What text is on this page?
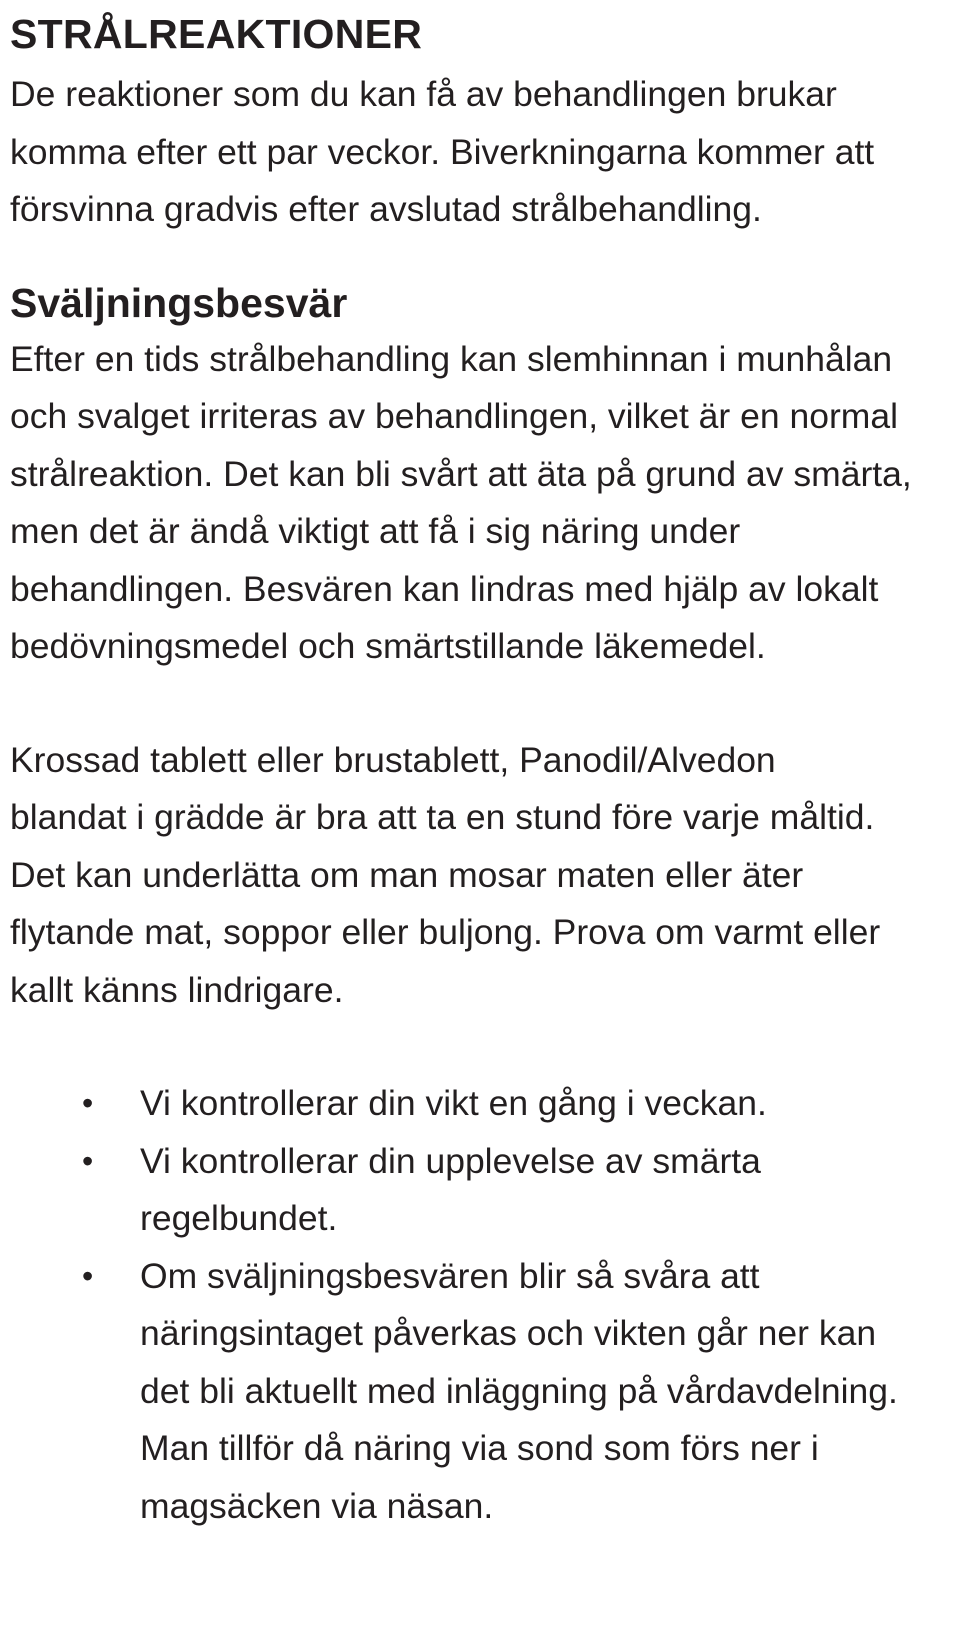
STRÅLREAKTIONER

De reaktioner som du kan få av behandlingen brukar komma efter ett par veckor. Biverkningarna kommer att försvinna gradvis efter avslutad strålbehandling.

Sväljningsbesvär

Efter en tids strålbehandling kan slemhinnan i munhålan och svalget irriteras av behandlingen, vilket är en normal strålreaktion. Det kan bli svårt att äta på grund av smärta, men det är ändå viktigt att få i sig näring under behandlingen. Besvären kan lindras med hjälp av lokalt bedövningsmedel och smärtstillande läkemedel.

Krossad tablett eller brustablett, Panodil/Alvedon blandat i grädde är bra att ta en stund före varje måltid. Det kan underlätta om man mosar maten eller äter flytande mat, soppor eller buljong. Prova om varmt eller kallt känns lindrigare.

• Vi kontrollerar din vikt en gång i veckan.
• Vi kontrollerar din upplevelse av smärta regelbundet.
• Om sväljningsbesvären blir så svåra att näringsintaget påverkas och vikten går ner kan det bli aktuellt med inläggning på vårdavdelning. Man tillför då näring via sond som förs ner i magsäcken via näsan.
